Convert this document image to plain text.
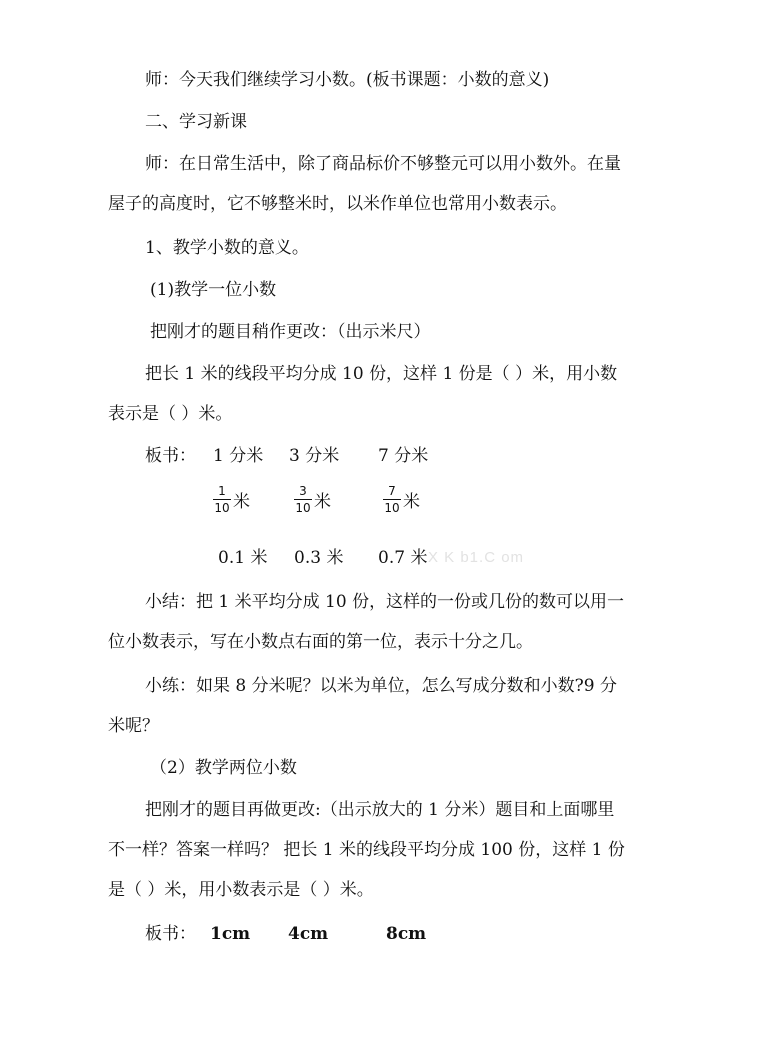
师：今天我们继续学习小数。(板书课题：小数的意义)
二、学习新课
师：在日常生活中，除了商品标价不够整元可以用小数外。在量
屋子的高度时，它不够整米时，以米作单位也常用小数表示。
1、教学小数的意义。
(1)教学一位小数
把刚才的题目稍作更改：（出示米尺）
把长 1 米的线段平均分成 10 份，这样 1 份是（ ）米，用小数
表示是（ ）米。
板书： 1 分米 3 分米 7 分米
$\frac{1}{10}$ 米	$\frac{3}{10}$ 米	$\frac{7}{10}$ 米
0.1 米 0.3 米 0.7 米 X K b1.C om
小结：把 1 米平均分成 10 份，这样的一份或几份的数可以用一
位小数表示，写在小数点右面的第一位，表示十分之几。
小练：如果 8 分米呢？以米为单位，怎么写成分数和小数?9 分
米呢？
（2）教学两位小数
把刚才的题目再做更改:（出示放大的 1 分米）题目和上面哪里
不一样？答案一样吗？ 把长 1 米的线段平均分成 100 份，这样 1 份
是（ ）米，用小数表示是（ ）米。
板书： 1cm 4cm	8cm
